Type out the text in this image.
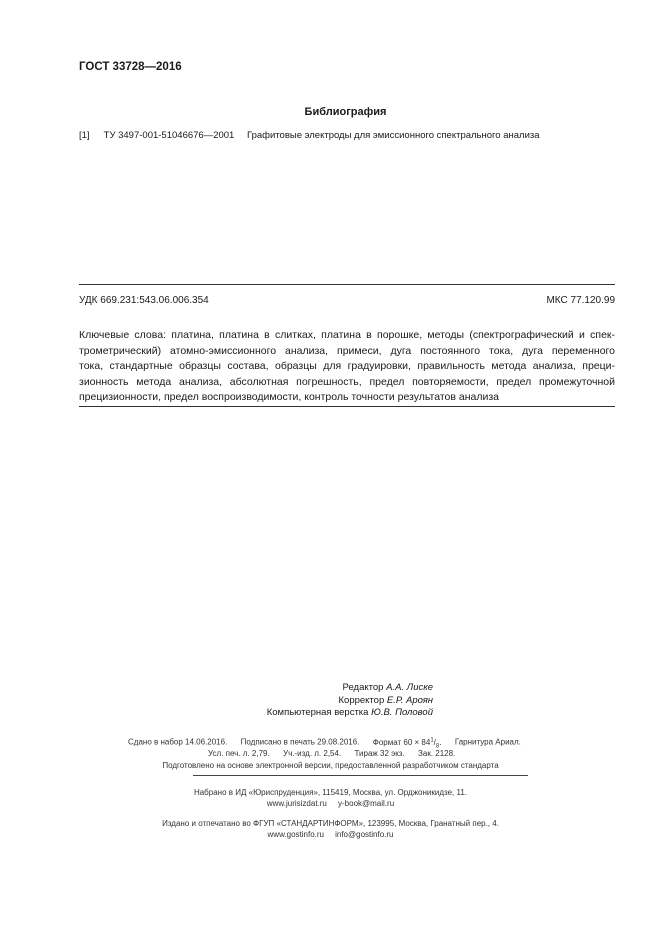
ГОСТ 33728—2016
Библиография
[1] ТУ 3497-001-51046676—2001 Графитовые электроды для эмиссионного спектрального анализа
УДК 669.231:543.06.006.354	МКС 77.120.99
Ключевые слова: платина, платина в слитках, платина в порошке, методы (спектрографический и спек-
трометрический) атомно-эмиссионного анализа, примеси, дуга постоянного тока, дуга переменного
тока, стандартные образцы состава, образцы для градуировки, правильность метода анализа, преци-
зионность метода анализа, абсолютная погрешность, предел повторяемости, предел промежуточной
прецизионности, предел воспроизводимости, контроль точности результатов анализа
Редактор А.А. Лиске
Корректор Е.Р. Ароян
Компьютерная верстка Ю.В. Половой
Сдано в набор 14.06.2016. Подписано в печать 29.08.2016. Формат $60 \times 84^1/_8$. Гарнитура Ариал.
Усл. печ. л. 2,79. Уч.-изд. л. 2,54. Тираж 32 экз. Зак. 2128.
Подготовлено на основе электронной версии, предоставленной разработчиком стандарта
Набрано в ИД «Юриспруденция», 115419, Москва, ул. Орджоникидзе, 11.
www.jurisizdat.ru y-book@mail.ru
Издано и отпечатано во ФГУП «СТАНДАРТИНФОРМ», 123995, Москва, Гранатный пер., 4.
www.gostinfo.ru info@gostinfo.ru
